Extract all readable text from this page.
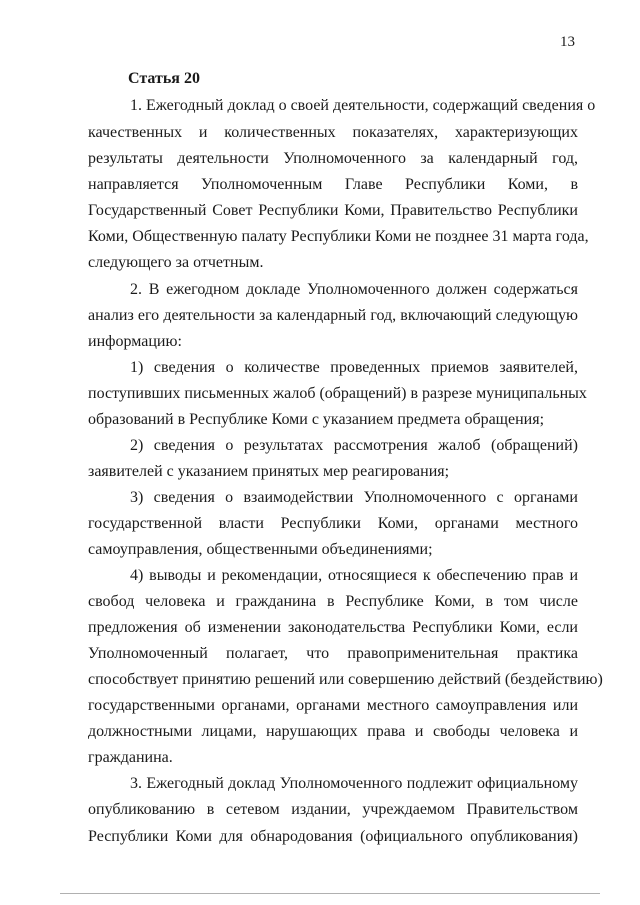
13
Статья 20
1. Ежегодный доклад о своей деятельности, содержащий сведения о
качественных и количественных показателях, характеризующих
результаты деятельности Уполномоченного за календарный год,
направляется Уполномоченным Главе Республики Коми, в
Государственный Совет Республики Коми, Правительство Республики
Коми, Общественную палату Республики Коми не позднее 31 марта года,
следующего за отчетным.
2. В ежегодном докладе Уполномоченного должен содержаться
анализ его деятельности за календарный год, включающий следующую
информацию:
1) сведения о количестве проведенных приемов заявителей,
поступивших письменных жалоб (обращений) в разрезе муниципальных
образований в Республике Коми с указанием предмета обращения;
2) сведения о результатах рассмотрения жалоб (обращений)
заявителей с указанием принятых мер реагирования;
3) сведения о взаимодействии Уполномоченного с органами
государственной власти Республики Коми, органами местного
самоуправления, общественными объединениями;
4) выводы и рекомендации, относящиеся к обеспечению прав и
свобод человека и гражданина в Республике Коми, в том числе
предложения об изменении законодательства Республики Коми, если
Уполномоченный полагает, что правоприменительная практика
способствует принятию решений или совершению действий (бездействию)
государственными органами, органами местного самоуправления или
должностными лицами, нарушающих права и свободы человека и
гражданина.
3. Ежегодный доклад Уполномоченного подлежит официальному
опубликованию в сетевом издании, учреждаемом Правительством
Республики Коми для обнародования (официального опубликования)
